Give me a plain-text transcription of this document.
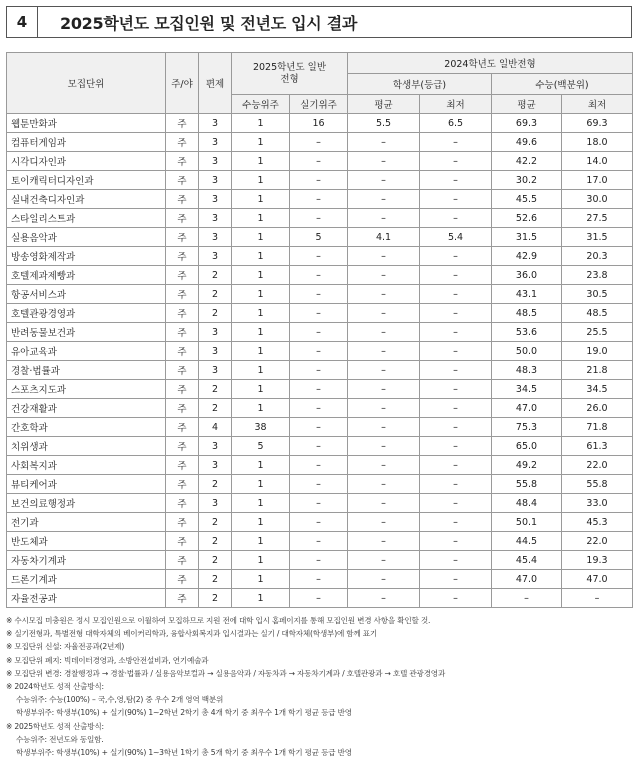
4	2025학년도 모집인원 및 전년도 입시 결과
모집단위	주/야	편제	2025학년도 일반전형		2024학년도 일반전형			
					학생부(등급)		수능(백분위)	
			수능위주	실기위주	평균	최저	평균	최저
웹툰만화과	주	3	1	16	5.5	6.5	69.3	69.3
컴퓨터게임과	주	3	1	–	–	–	49.6	18.0
시각디자인과	주	3	1	–	–	–	42.2	14.0
토이캐릭터디자인과	주	3	1	–	–	–	30.2	17.0
실내건축디자인과	주	3	1	–	–	–	45.5	30.0
스타일리스트과	주	3	1	–	–	–	52.6	27.5
실용음악과	주	3	1	5	4.1	5.4	31.5	31.5
방송영화제작과	주	3	1	–	–	–	42.9	20.3
호텔제과제빵과	주	2	1	–	–	–	36.0	23.8
항공서비스과	주	2	1	–	–	–	43.1	30.5
호텔관광경영과	주	2	1	–	–	–	48.5	48.5
반려동물보건과	주	3	1	–	–	–	53.6	25.5
유아교육과	주	3	1	–	–	–	50.0	19.0
경찰·법률과	주	3	1	–	–	–	48.3	21.8
스포츠지도과	주	2	1	–	–	–	34.5	34.5
건강재활과	주	2	1	–	–	–	47.0	26.0
간호학과	주	4	38	–	–	–	75.3	71.8
치위생과	주	3	5	–	–	–	65.0	61.3
사회복지과	주	3	1	–	–	–	49.2	22.0
뷰티케어과	주	2	1	–	–	–	55.8	55.8
보건의료행정과	주	3	1	–	–	–	48.4	33.0
전기과	주	2	1	–	–	–	50.1	45.3
반도체과	주	2	1	–	–	–	44.5	22.0
자동차기계과	주	2	1	–	–	–	45.4	19.3
드론기계과	주	2	1	–	–	–	47.0	47.0
자율전공과	주	2	1	–	–	–	–	–
※ 수시모집 미충원은 정시 모집인원으로 이월하여 모집하므로 지원 전에 대학 입시 홈페이지를 통해 모집인원 변경 사항을 확인할 것.
※ 실기전형과, 특별전형 대학자체의 베이커리학과, 융합사회복지과 입시결과는 실기 / 대학자체(학생부)에 함께 표기
※ 모집단위 신설: 자율전공과(2년제)
※ 모집단위 폐지: 빅데이터경영과, 소방안전설비과, 연기예술과
※ 모집단위 변경: 경찰행정과 → 경찰·법률과 / 실용음악보컬과 → 실용음악과 / 자동차과 → 자동차기계과 / 호텔관광과 → 호텔 관광경영과
※ 2024학년도 성적 산출방식:
수능위주: 수능(100%) – 국,수,영,탐(2) 중 우수 2개 영역 백분위
학생부위주: 학생부(10%) + 실기(90%) 1~2학년 2학기 총 4개 학기 중 최우수 1개 학기 평균 등급 반영
※ 2025학년도 성적 산출방식:
수능위주: 전년도와 동일함.
학생부위주: 학생부(10%) + 실기(90%) 1~3학년 1학기 총 5개 학기 중 최우수 1개 학기 평균 등급 반영
